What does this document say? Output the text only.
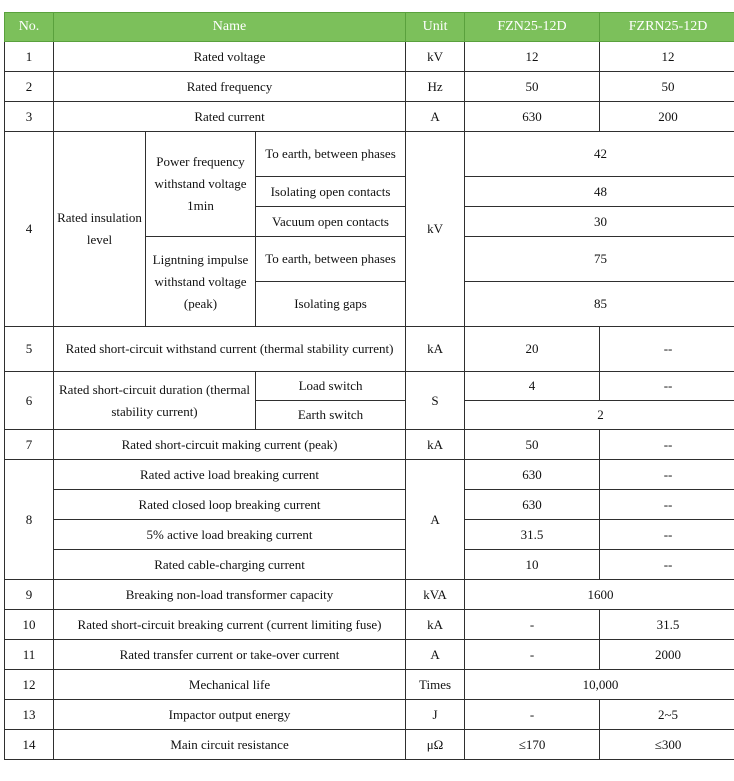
No.	Name			Unit	FZN25-12D	FZRN25-12D
1	Rated voltage			kV	12	12
2	Rated frequency			Hz	50	50
3	Rated current			A	630	200
4	Rated insulation level	Power frequency withstand voltage 1min	To earth, between phases	kV	42	
			Isolating open contacts		48	
			Vacuum open contacts		30	
		Ligntning impulse withstand voltage (peak)	To earth, between phases		75	
			Isolating gaps		85	
5	Rated short-circuit withstand current (thermal stability current)			kA	20	--
6	Rated short-circuit duration (thermal stability current)		Load switch	S	4	--
			Earth switch		2	
7	Rated short-circuit making current (peak)			kA	50	--
8	Rated active load breaking current			A	630	--
	Rated closed loop breaking current				630	--
	5% active load breaking current				31.5	--
	Rated cable-charging current				10	--
9	Breaking non-load transformer capacity			kVA	1600	
10	Rated short-circuit breaking current (current limiting fuse)			kA	-	31.5
11	Rated transfer current or take-over current			A	-	2000
12	Mechanical life			Times	10,000	
13	Impactor output energy			J	-	2~5
14	Main circuit resistance			μΩ	≤170	≤300
